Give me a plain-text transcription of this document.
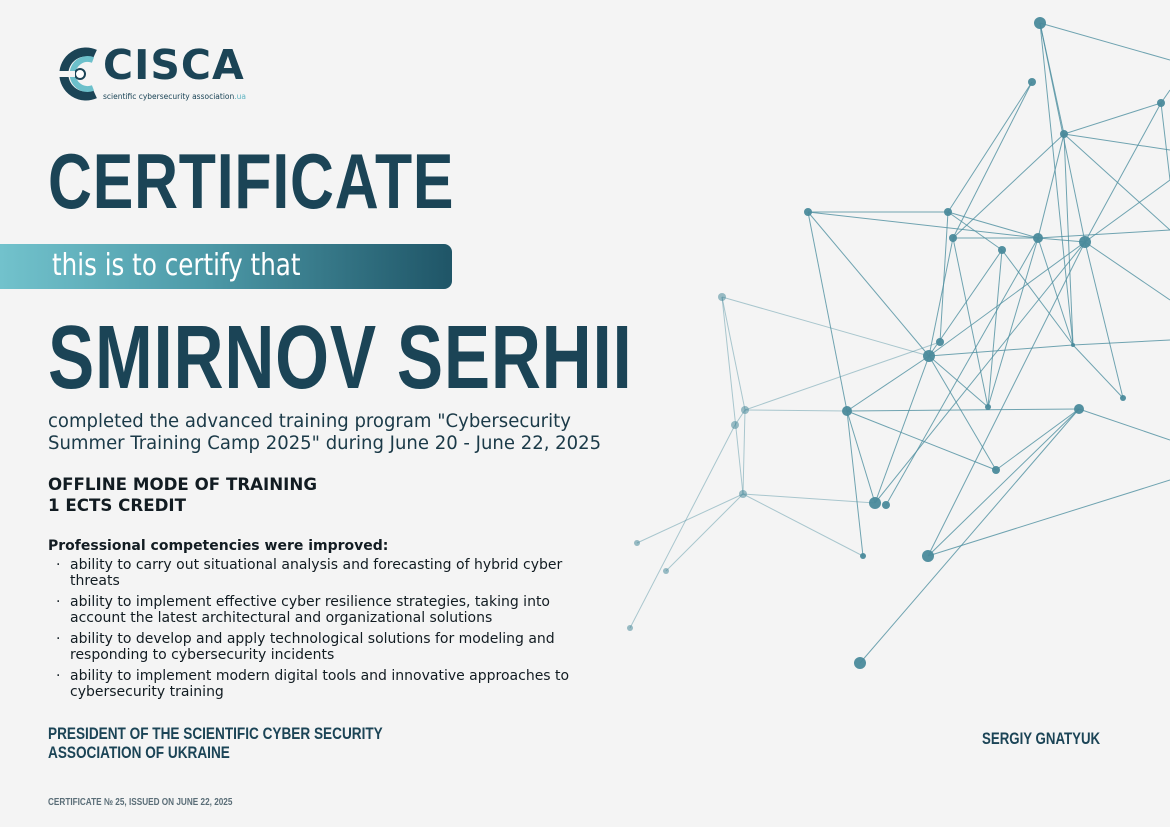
CISCA
scientific cybersecurity association.ua
CERTIFICATE
this is to certify that
SMIRNOV SERHII

completed the advanced training program "Cybersecurity
Summer Training Camp 2025" during June 20 - June 22, 2025

OFFLINE MODE OF TRAINING
1 ECTS CREDIT

Professional competencies were improved:

· ability to carry out situational analysis and forecasting of hybrid cyber
threats
· ability to implement effective cyber resilience strategies, taking into
account the latest architectural and organizational solutions
· ability to develop and apply technological solutions for modeling and
responding to cybersecurity incidents
· ability to implement modern digital tools and innovative approaches to
cybersecurity training

PRESIDENT OF THE SCIENTIFIC CYBER SECURITY
ASSOCIATION OF UKRAINE

SERGIY GNATYUK

CERTIFICATE № 25, ISSUED ON JUNE 22, 2025
